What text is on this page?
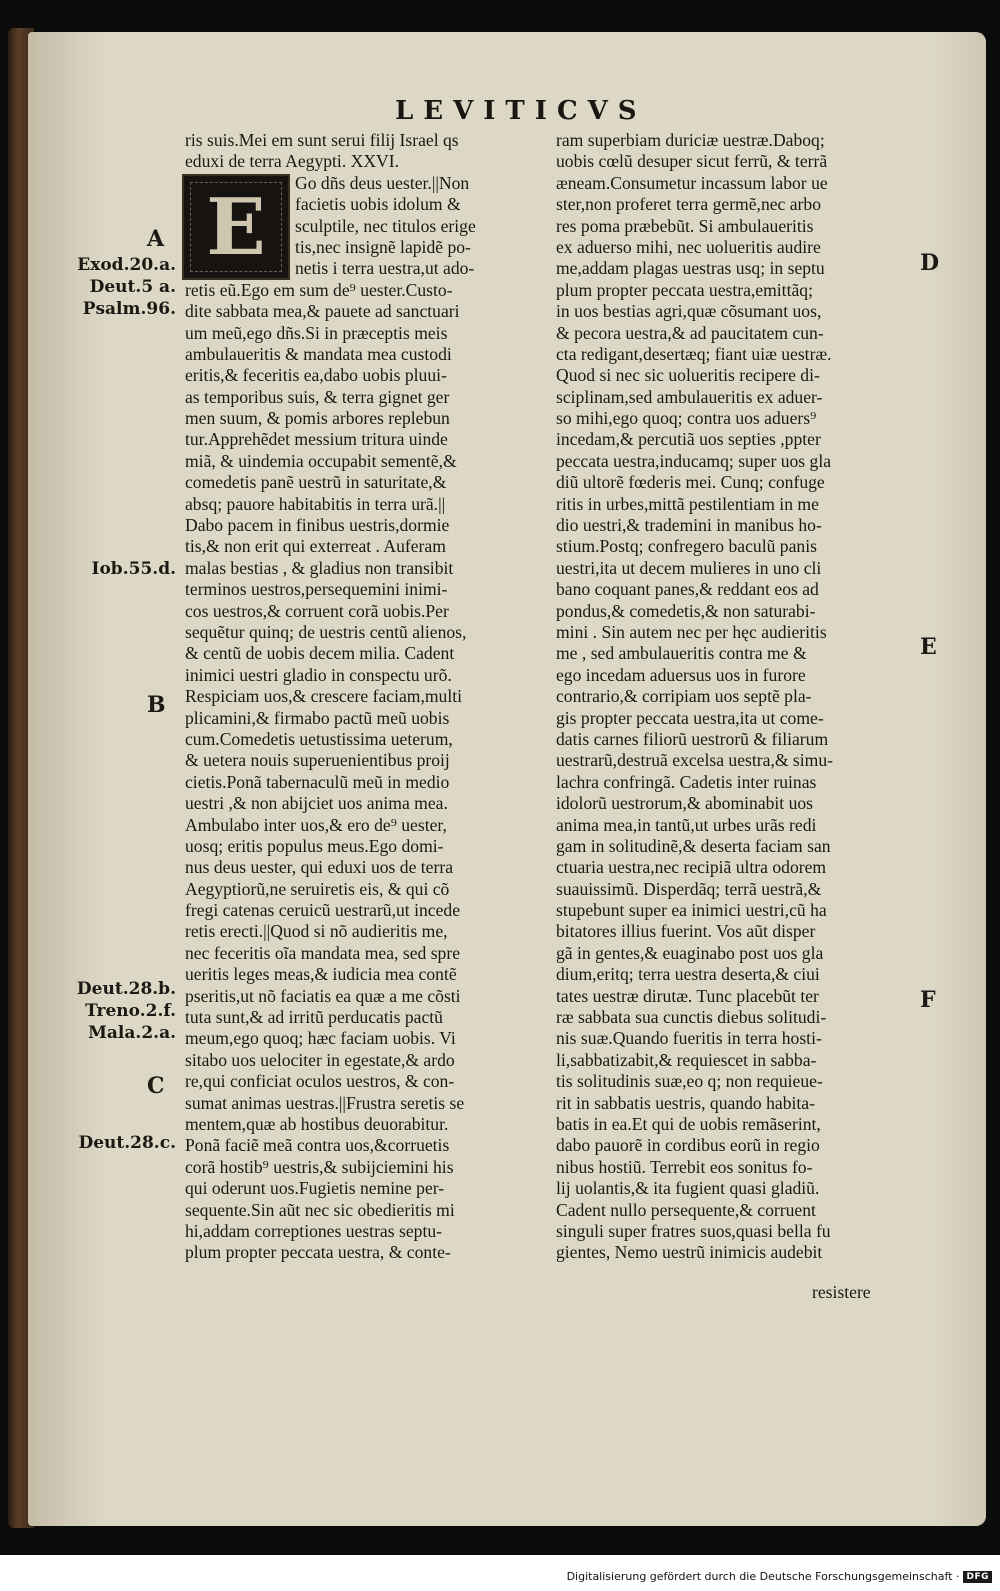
LEVITICVS
E
ris suis.Mei em sunt serui filij Israel qs
eduxi de terra Aegypti. XXVI.
Go dñs deus uester.||Non
facietis uobis idolum &
sculptile, nec titulos erige
tis,nec insignẽ lapidẽ po-
netis i terra uestra,ut ado-
retis eũ.Ego em sum de⁹ uester.Custo-
dite sabbata mea,& pauete ad sanctuari
um meũ,ego dñs.Si in præceptis meis
ambulaueritis & mandata mea custodi
eritis,& feceritis ea,dabo uobis pluui-
as temporibus suis, & terra gignet ger
men suum, & pomis arbores replebun
tur.Apprehẽdet messium tritura uinde
miã, & uindemia occupabit sementẽ,&
comedetis panẽ uestrũ in saturitate,&
absq; pauore habitabitis in terra urã.||
Dabo pacem in finibus uestris,dormie
tis,& non erit qui exterreat . Auferam
malas bestias , & gladius non transibit
terminos uestros,persequemini inimi-
cos uestros,& corruent corã uobis.Per
sequẽtur quinq; de uestris centũ alienos,
& centũ de uobis decem milia. Cadent
inimici uestri gladio in conspectu urõ.
Respiciam uos,& crescere faciam,multi
plicamini,& firmabo pactũ meũ uobis
cum.Comedetis uetustissima ueterum,
& uetera nouis superuenientibus proij
cietis.Ponã tabernaculũ meũ in medio
uestri ,& non abijciet uos anima mea.
Ambulabo inter uos,& ero de⁹ uester,
uosq; eritis populus meus.Ego domi-
nus deus uester, qui eduxi uos de terra
Aegyptiorũ,ne seruiretis eis, & qui cõ
fregi catenas ceruicũ uestrarũ,ut incede
retis erecti.||Quod si nõ audieritis me,
nec feceritis oĩa mandata mea, sed spre
ueritis leges meas,& iudicia mea contẽ
pseritis,ut nõ faciatis ea quæ a me cõsti
tuta sunt,& ad irritũ perducatis pactũ
meum,ego quoq; hæc faciam uobis. Vi
sitabo uos uelociter in egestate,& ardo
re,qui conficiat oculos uestros, & con-
sumat animas uestras.||Frustra seretis se
mentem,quæ ab hostibus deuorabitur.
Ponã faciẽ meã contra uos,&corruetis
corã hostib⁹ uestris,& subijciemini his
qui oderunt uos.Fugietis nemine per-
sequente.Sin aũt nec sic obedieritis mi
hi,addam correptiones uestras septu-
plum propter peccata uestra, & conte-
ram superbiam duriciæ uestræ.Daboq;
uobis cœlũ desuper sicut ferrũ, & terrã
æneam.Consumetur incassum labor ue
ster,non proferet terra germẽ,nec arbo
res poma præbebũt. Si ambulaueritis
ex aduerso mihi, nec uolueritis audire
me,addam plagas uestras usq; in septu
plum propter peccata uestra,emittãq;
in uos bestias agri,quæ cõsumant uos,
& pecora uestra,& ad paucitatem cun-
cta redigant,desertæq; fiant uiæ uestræ.
Quod si nec sic uolueritis recipere di-
sciplinam,sed ambulaueritis ex aduer-
so mihi,ego quoq; contra uos aduers⁹
incedam,& percutiã uos septies ,ppter
peccata uestra,inducamq; super uos gla
diũ ultorẽ fœderis mei. Cunq; confuge
ritis in urbes,mittã pestilentiam in me
dio uestri,& trademini in manibus ho-
stium.Postq; confregero baculũ panis
uestri,ita ut decem mulieres in uno cli
bano coquant panes,& reddant eos ad
pondus,& comedetis,& non saturabi-
mini . Sin autem nec per hęc audieritis
me , sed ambulaueritis contra me &
ego incedam aduersus uos in furore
contrario,& corripiam uos septẽ pla-
gis propter peccata uestra,ita ut come-
datis carnes filiorũ uestrorũ & filiarum
uestrarũ,destruã excelsa uestra,& simu-
lachra confringã. Cadetis inter ruinas
idolorũ uestrorum,& abominabit uos
anima mea,in tantũ,ut urbes urãs redi
gam in solitudinẽ,& deserta faciam san
ctuaria uestra,nec recipiã ultra odorem
suauissimũ. Disperdãq; terrã uestrã,&
stupebunt super ea inimici uestri,cũ ha
bitatores illius fuerint. Vos aũt disper
gã in gentes,& euaginabo post uos gla
dium,eritq; terra uestra deserta,& ciui
tates uestræ dirutæ. Tunc placebũt ter
ræ sabbata sua cunctis diebus solitudi-
nis suæ.Quando fueritis in terra hosti-
li,sabbatizabit,& requiescet in sabba-
tis solitudinis suæ,eo q; non requieue-
rit in sabbatis uestris, quando habita-
batis in ea.Et qui de uobis remãserint,
dabo pauorẽ in cordibus eorũ in regio
nibus hostiũ. Terrebit eos sonitus fo-
lij uolantis,& ita fugient quasi gladiũ.
Cadent nullo persequente,& corruent
singuli super fratres suos,quasi bella fu
gientes, Nemo uestrũ inimicis audebit
resistere
A
B
C
D
E
F
Exod.20.a.
Deut.5 a.
Psalm.96.
Iob.55.d.
Deut.28.b.
Treno.2.f.
Mala.2.a.
Deut.28.c.
Digitalisierung gefördert durch die Deutsche Forschungsgemeinschaft · DFG
